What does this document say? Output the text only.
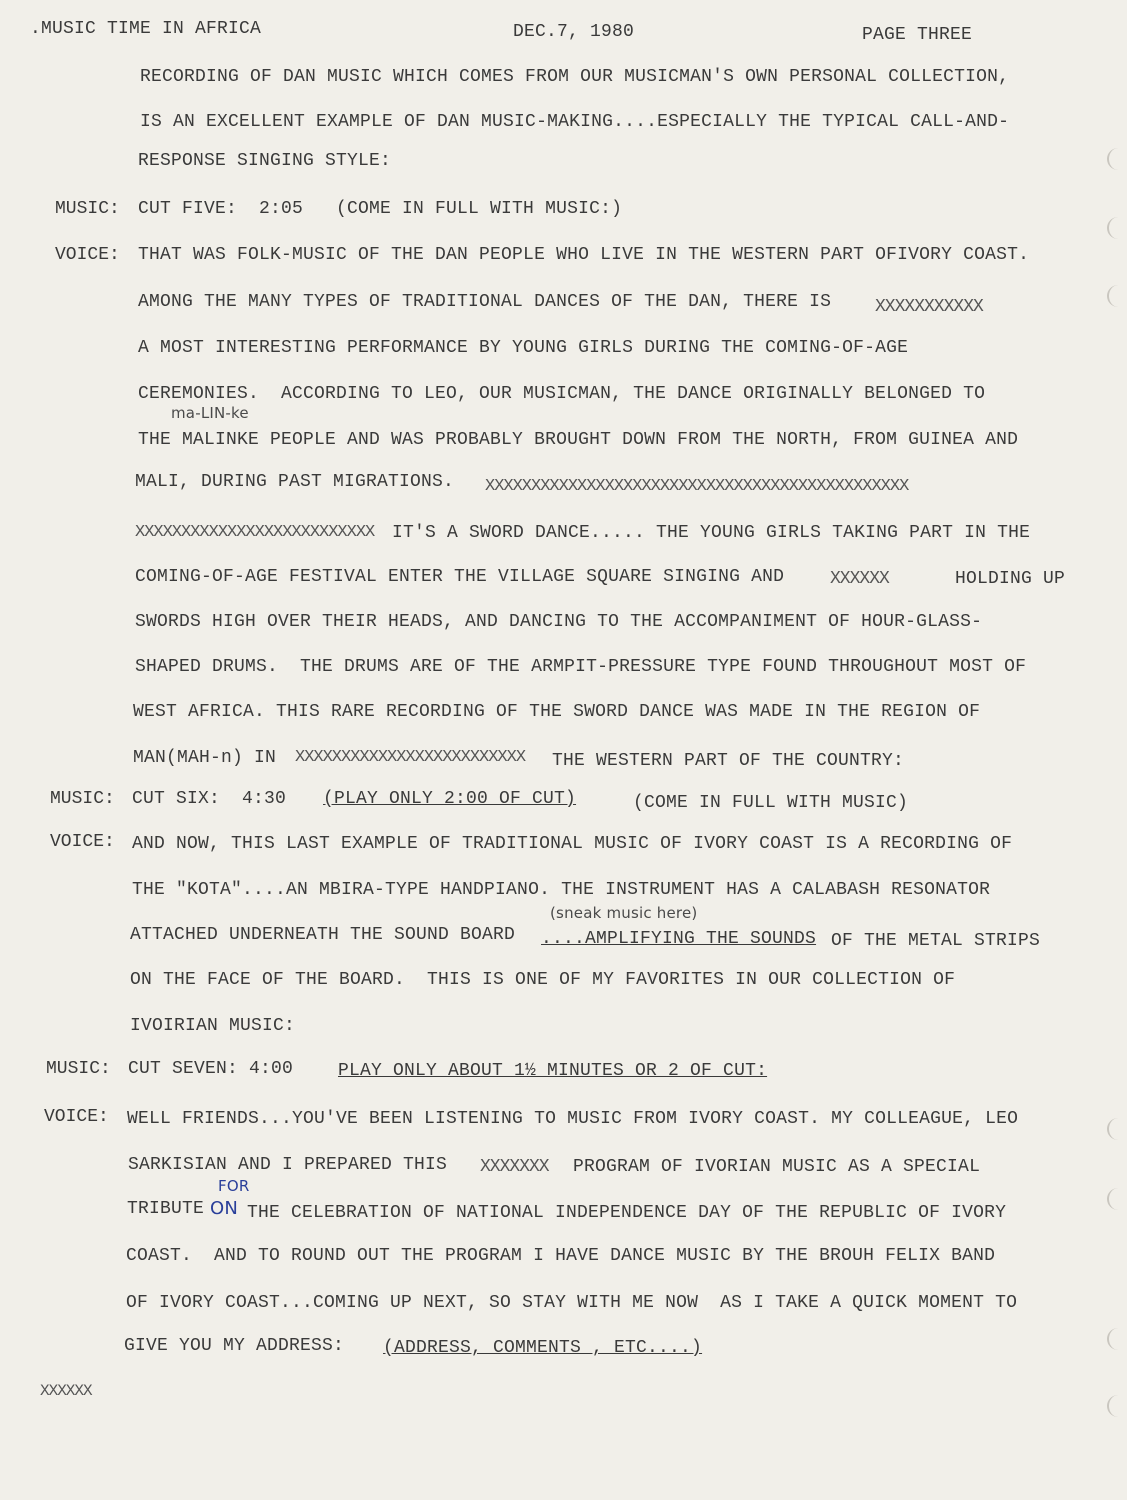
.MUSIC TIME IN AFRICA	DEC.7, 1980	PAGE THREE
RECORDING OF DAN MUSIC WHICH COMES FROM OUR MUSICMAN'S OWN PERSONAL COLLECTION,
IS AN EXCELLENT EXAMPLE OF DAN MUSIC-MAKING....ESPECIALLY THE TYPICAL CALL-AND-
RESPONSE SINGING STYLE:
MUSIC: CUT FIVE:  2:05   (COME IN FULL WITH MUSIC:)
VOICE: THAT WAS FOLK-MUSIC OF THE DAN PEOPLE WHO LIVE IN THE WESTERN PART OFIVORY COAST.
AMONG THE MANY TYPES OF TRADITIONAL DANCES OF THE DAN, THERE IS XXXXXXXXXXX
A MOST INTERESTING PERFORMANCE BY YOUNG GIRLS DURING THE COMING-OF-AGE
CEREMONIES.  ACCORDING TO LEO, OUR MUSICMAN, THE DANCE ORIGINALLY BELONGED TO
ma-LIN-ke
THE MALINKE PEOPLE AND WAS PROBABLY BROUGHT DOWN FROM THE NORTH, FROM GUINEA AND
MALI, DURING PAST MIGRATIONS. XXXXXXXXXXXXXXXXXXXXXXXXXXXXXXXXXXXXXXXXXXXXXX
XXXXXXXXXXXXXXXXXXXXXXXXXX IT'S A SWORD DANCE..... THE YOUNG GIRLS TAKING PART IN THE
COMING-OF-AGE FESTIVAL ENTER THE VILLAGE SQUARE SINGING AND	XXXXXX	HOLDING UP
SWORDS HIGH OVER THEIR HEADS, AND DANCING TO THE ACCOMPANIMENT OF HOUR-GLASS-
SHAPED DRUMS.  THE DRUMS ARE OF THE ARMPIT-PRESSURE TYPE FOUND THROUGHOUT MOST OF
WEST AFRICA. THIS RARE RECORDING OF THE SWORD DANCE WAS MADE IN THE REGION OF
MAN(MAH-n) IN XXXXXXXXXXXXXXXXXXXXXXXXX THE WESTERN PART OF THE COUNTRY:
MUSIC: CUT SIX:  4:30 (PLAY ONLY 2:00 OF CUT)	(COME IN FULL WITH MUSIC)
VOICE: AND NOW, THIS LAST EXAMPLE OF TRADITIONAL MUSIC OF IVORY COAST IS A RECORDING OF
THE "KOTA"....AN MBIRA-TYPE HANDPIANO. THE INSTRUMENT HAS A CALABASH RESONATOR
(sneak music here)
ATTACHED UNDERNEATH THE SOUND BOARD ....AMPLIFYING THE SOUNDS OF THE METAL STRIPS
ON THE FACE OF THE BOARD.  THIS IS ONE OF MY FAVORITES IN OUR COLLECTION OF
IVOIRIAN MUSIC:
MUSIC: CUT SEVEN: 4:00 PLAY ONLY ABOUT 1½ MINUTES OR 2 OF CUT:
VOICE: WELL FRIENDS...YOU'VE BEEN LISTENING TO MUSIC FROM IVORY COAST. MY COLLEAGUE, LEO
SARKISIAN AND I PREPARED THIS XXXXXXX PROGRAM OF IVORIAN MUSIC AS A SPECIAL
FOR
TRIBUTE ON
THE CELEBRATION OF NATIONAL INDEPENDENCE DAY OF THE REPUBLIC OF IVORY
COAST.  AND TO ROUND OUT THE PROGRAM I HAVE DANCE MUSIC BY THE BROUH FELIX BAND
OF IVORY COAST...COMING UP NEXT, SO STAY WITH ME NOW  AS I TAKE A QUICK MOMENT TO
GIVE YOU MY ADDRESS: (ADDRESS, COMMENTS , ETC....)
XXXXXX
